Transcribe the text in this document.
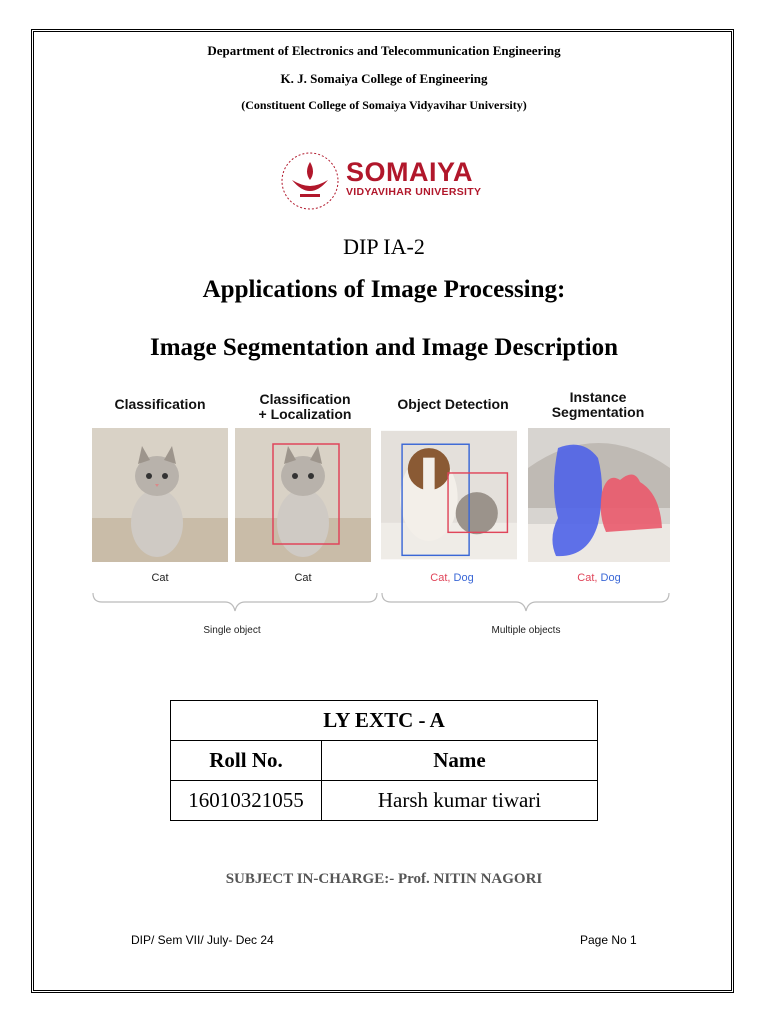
Department of Electronics and Telecommunication Engineering
K. J. Somaiya College of Engineering
(Constituent College of Somaiya Vidyavihar University)
SOMAIYA
VIDYAVIHAR UNIVERSITY
DIP IA-2
Applications of Image Processing:
Image Segmentation and Image Description
Classification	Classification
+ Localization
Object Detection	Instance
Segmentation
Cat	Cat	Cat, Dog	Cat, Dog
Single object	Multiple objects
LY EXTC - A	
Roll No.	Name
16010321055	Harsh kumar tiwari
SUBJECT IN-CHARGE:- Prof. NITIN NAGORI
DIP/ Sem VII/ July- Dec 24	Page No 1
